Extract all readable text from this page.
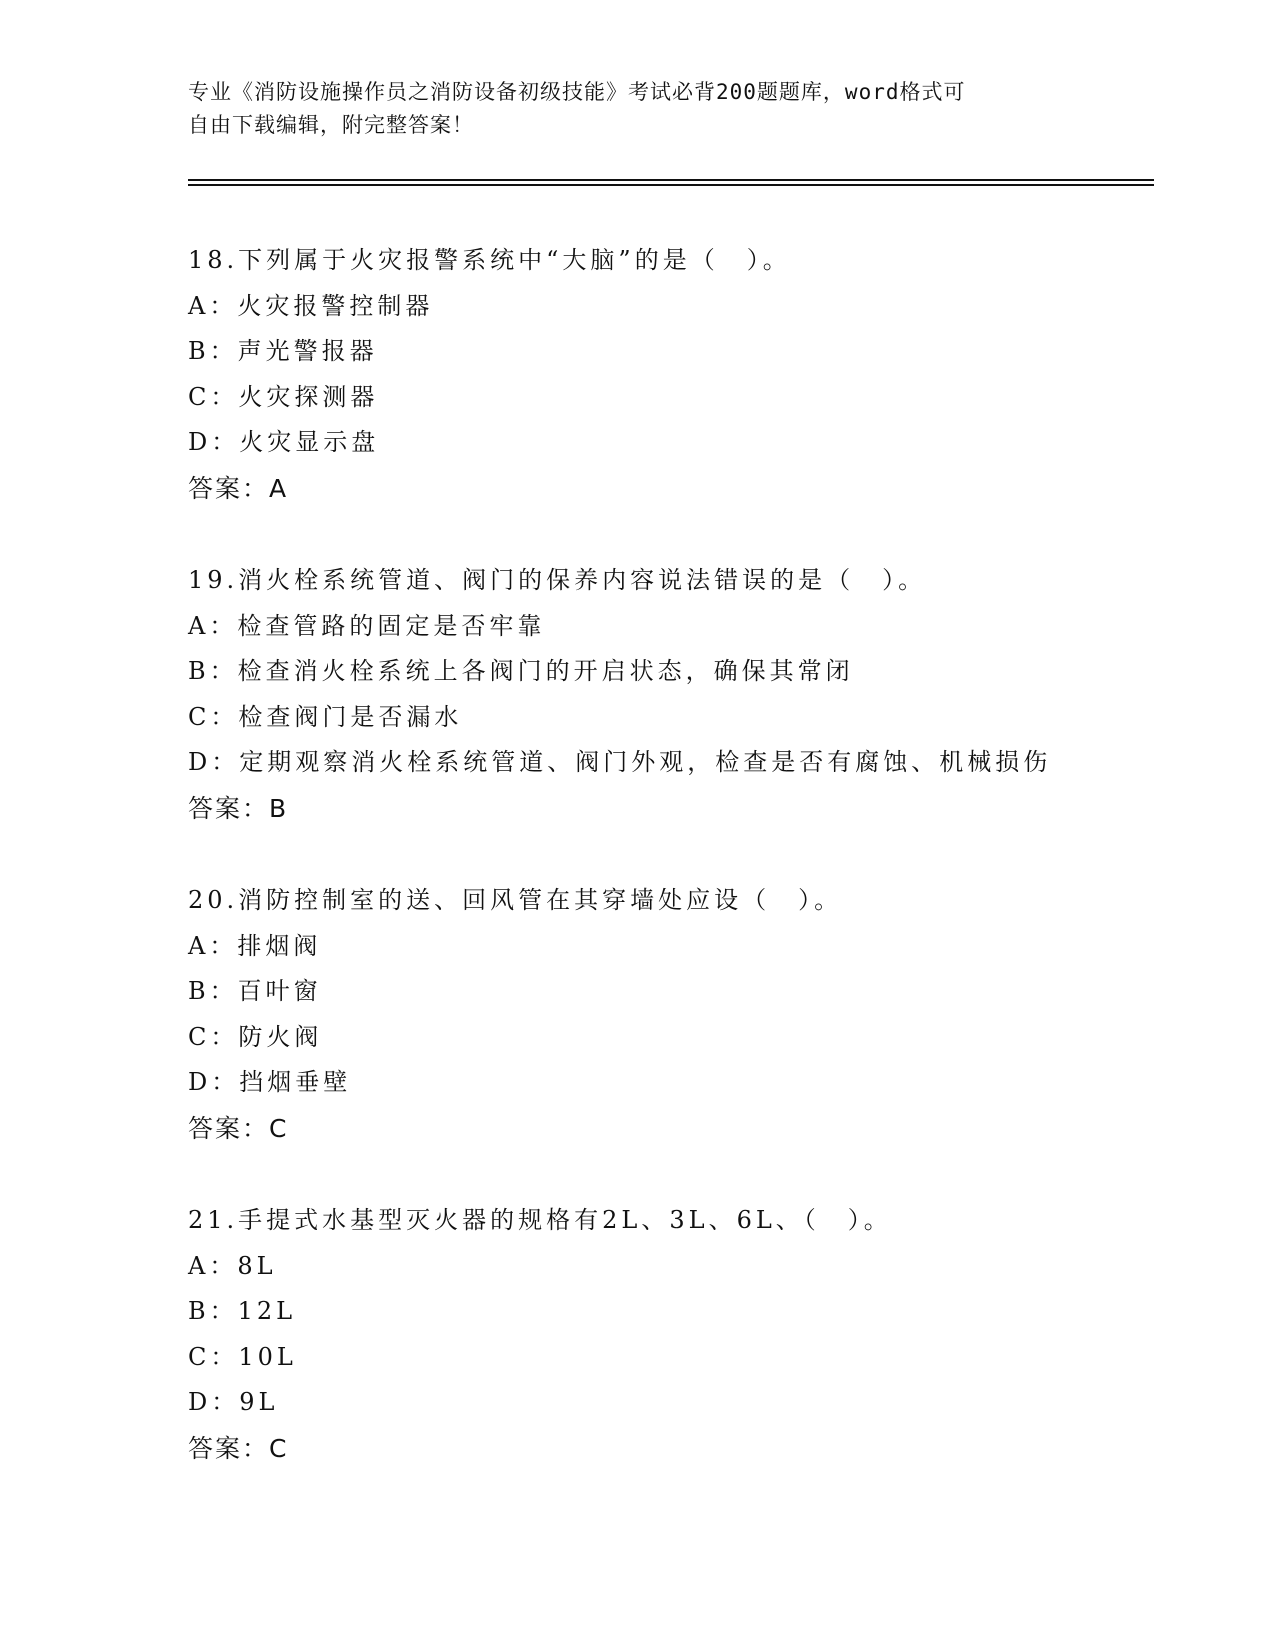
专业《消防设施操作员之消防设备初级技能》考试必背200题题库，word格式可
自由下载编辑，附完整答案！
18.下列属于火灾报警系统中“大脑”的是（　）。
A：火灾报警控制器
B：声光警报器
C：火灾探测器
D：火灾显示盘
答案：A
19.消火栓系统管道、阀门的保养内容说法错误的是（　）。
A：检查管路的固定是否牢靠
B：检查消火栓系统上各阀门的开启状态，确保其常闭
C：检查阀门是否漏水
D：定期观察消火栓系统管道、阀门外观，检查是否有腐蚀、机械损伤
答案：B
20.消防控制室的送、回风管在其穿墙处应设（　）。
A：排烟阀
B：百叶窗
C：防火阀
D：挡烟垂壁
答案：C
21.手提式水基型灭火器的规格有2L、3L、6L、（　）。
A：8L
B：12L
C：10L
D：9L
答案：C
